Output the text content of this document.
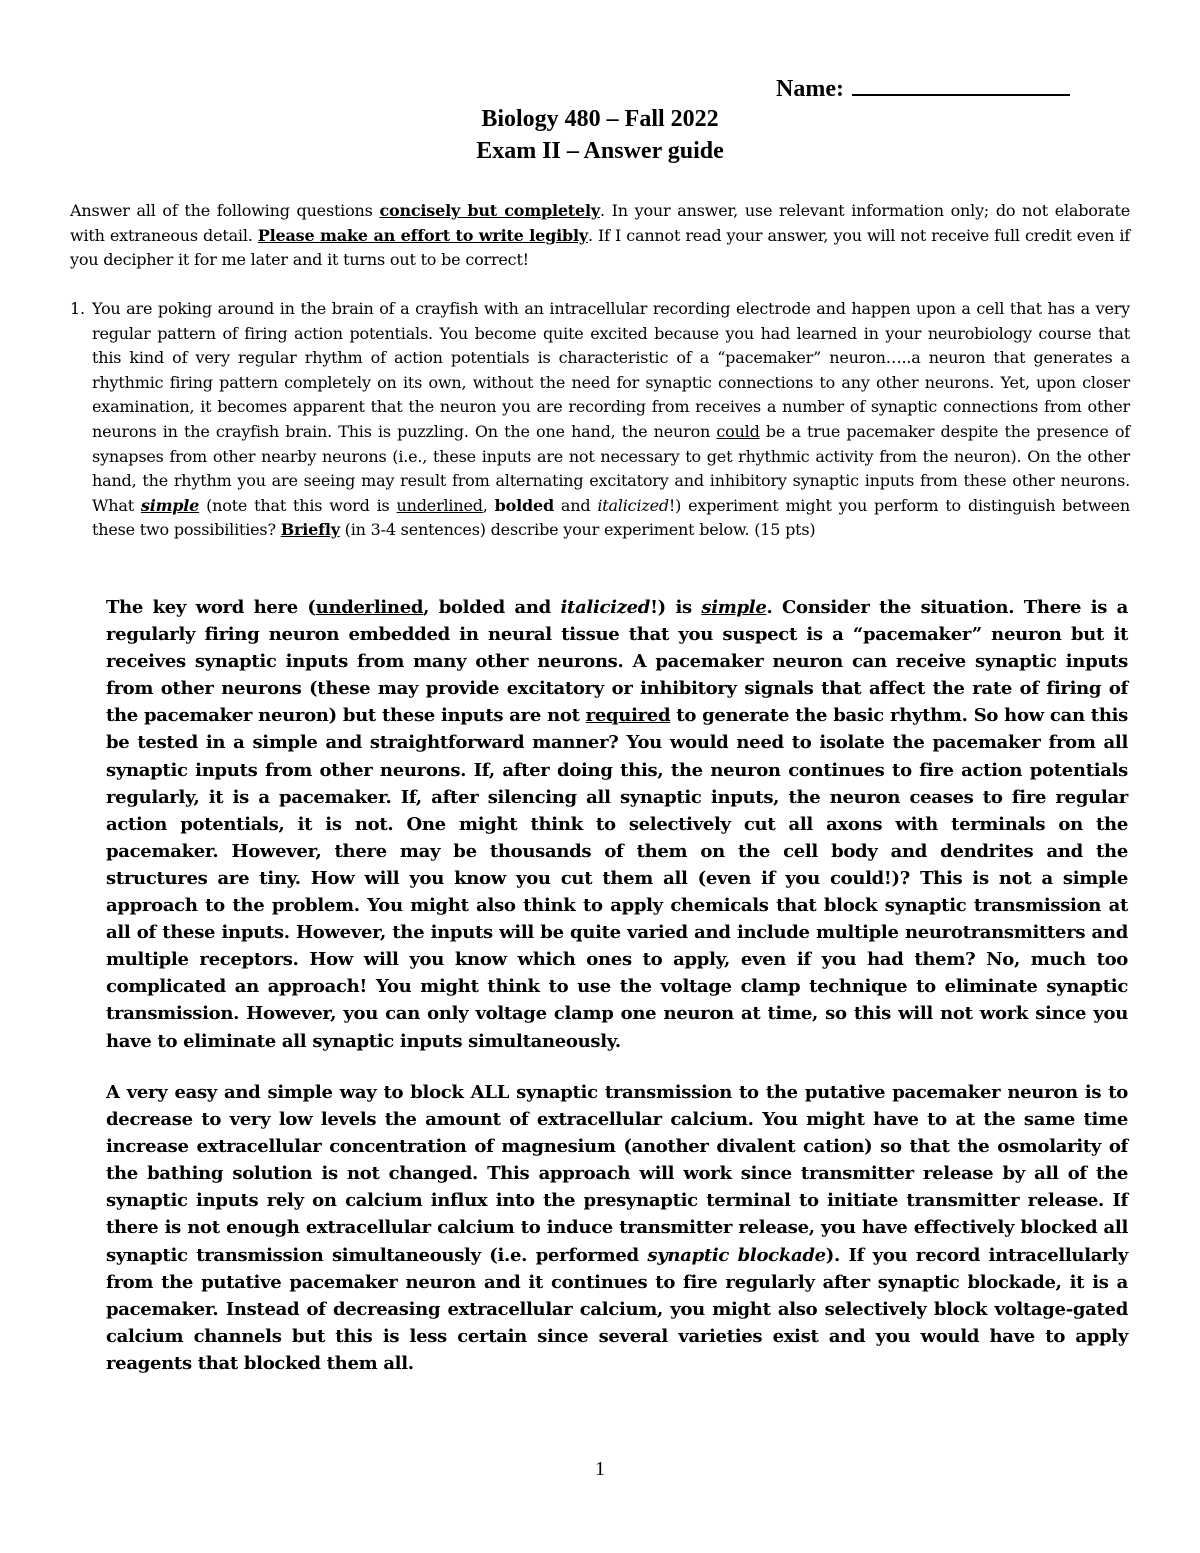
Name:
Biology 480 – Fall 2022
Exam II – Answer guide
Answer all of the following questions concisely but completely. In your answer, use relevant information only; do not elaborate with extraneous detail. Please make an effort to write legibly. If I cannot read your answer, you will not receive full credit even if you decipher it for me later and it turns out to be correct!
1. You are poking around in the brain of a crayfish with an intracellular recording electrode and happen upon a cell that has a very regular pattern of firing action potentials. You become quite excited because you had learned in your neurobiology course that this kind of very regular rhythm of action potentials is characteristic of a “pacemaker” neuron…..a neuron that generates a rhythmic firing pattern completely on its own, without the need for synaptic connections to any other neurons. Yet, upon closer examination, it becomes apparent that the neuron you are recording from receives a number of synaptic connections from other neurons in the crayfish brain. This is puzzling. On the one hand, the neuron could be a true pacemaker despite the presence of synapses from other nearby neurons (i.e., these inputs are not necessary to get rhythmic activity from the neuron). On the other hand, the rhythm you are seeing may result from alternating excitatory and inhibitory synaptic inputs from these other neurons. What simple (note that this word is underlined, bolded and italicized!) experiment might you perform to distinguish between these two possibilities? Briefly (in 3-4 sentences) describe your experiment below. (15 pts)
The key word here (underlined, bolded and italicized!) is simple. Consider the situation. There is a regularly firing neuron embedded in neural tissue that you suspect is a “pacemaker” neuron but it receives synaptic inputs from many other neurons. A pacemaker neuron can receive synaptic inputs from other neurons (these may provide excitatory or inhibitory signals that affect the rate of firing of the pacemaker neuron) but these inputs are not required to generate the basic rhythm. So how can this be tested in a simple and straightforward manner? You would need to isolate the pacemaker from all synaptic inputs from other neurons. If, after doing this, the neuron continues to fire action potentials regularly, it is a pacemaker. If, after silencing all synaptic inputs, the neuron ceases to fire regular action potentials, it is not. One might think to selectively cut all axons with terminals on the pacemaker. However, there may be thousands of them on the cell body and dendrites and the structures are tiny. How will you know you cut them all (even if you could!)? This is not a simple approach to the problem. You might also think to apply chemicals that block synaptic transmission at all of these inputs. However, the inputs will be quite varied and include multiple neurotransmitters and multiple receptors. How will you know which ones to apply, even if you had them? No, much too complicated an approach! You might think to use the voltage clamp technique to eliminate synaptic transmission. However, you can only voltage clamp one neuron at time, so this will not work since you have to eliminate all synaptic inputs simultaneously.
A very easy and simple way to block ALL synaptic transmission to the putative pacemaker neuron is to decrease to very low levels the amount of extracellular calcium. You might have to at the same time increase extracellular concentration of magnesium (another divalent cation) so that the osmolarity of the bathing solution is not changed. This approach will work since transmitter release by all of the synaptic inputs rely on calcium influx into the presynaptic terminal to initiate transmitter release. If there is not enough extracellular calcium to induce transmitter release, you have effectively blocked all synaptic transmission simultaneously (i.e. performed synaptic blockade). If you record intracellularly from the putative pacemaker neuron and it continues to fire regularly after synaptic blockade, it is a pacemaker. Instead of decreasing extracellular calcium, you might also selectively block voltage-gated calcium channels but this is less certain since several varieties exist and you would have to apply reagents that blocked them all.
1
